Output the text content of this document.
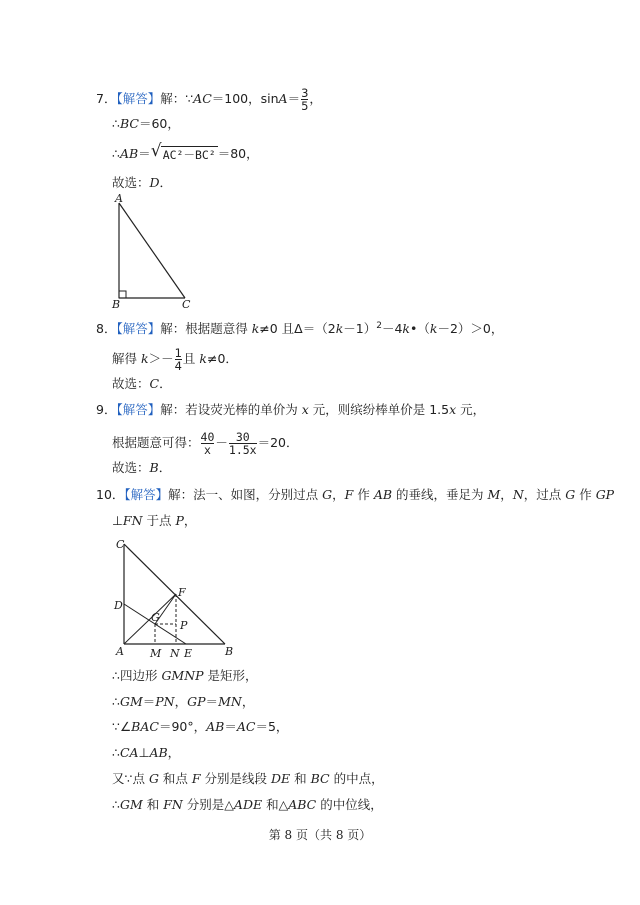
7．【解答】解：∵AC＝100，$\sin A= \frac{3}{5}$ ，
∴BC＝60，
∴AB＝ √ AC²－BC² ＝80，
故选：D．
A
B	C
8．【解答】解：根据题意得 k≠0 且$\Delta=(2k-1)^2-4k•(k-2)>0$，
解得 $k>- \frac{1}{4}$ 且 k≠0．
故选：C．
9．【解答】解：若设荧光棒的单价为 x 元，则缤纷棒单价是 1.5x 元，
根据题意可得： $\frac{40}{x} - \frac{30}{1.5x} =20$．
故选：B．
10．【解答】解：法一、如图，分别过点 G，F 作 AB 的垂线，垂足为 M，N，过点 G 作 GP
⊥FN 于点 P，
C
F
D
G
P
A M N E	B
∴四边形 GMNP 是矩形，
∴GM＝PN，GP＝MN，
∵∠BAC＝90°，AB＝AC＝5，
∴CA⊥AB，
又∵点 G 和点 F 分别是线段 DE 和 BC 的中点，
∴GM 和 FN 分别是△ADE 和△ABC 的中位线，
第 8 页（共 8 页）
